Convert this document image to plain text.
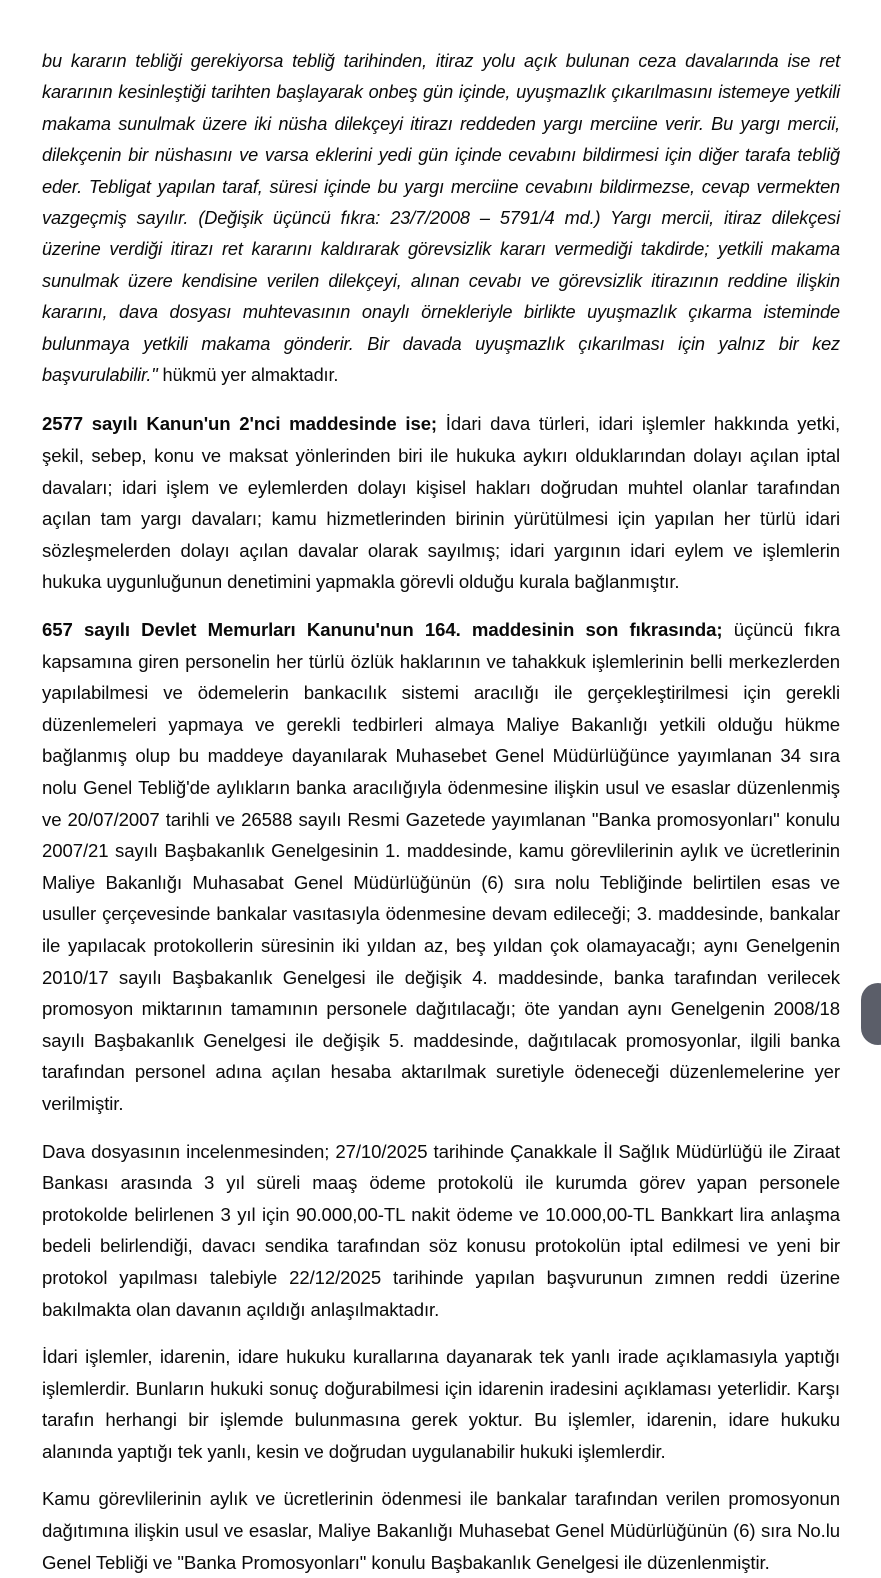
bu kararın tebliği gerekiyorsa tebliğ tarihinden, itiraz yolu açık bulunan ceza davalarında ise ret kararının kesinleştiği tarihten başlayarak onbeş gün içinde, uyuşmazlık çıkarılmasını istemeye yetkili makama sunulmak üzere iki nüsha dilekçeyi itirazı reddeden yargı merciine verir. Bu yargı mercii, dilekçenin bir nüshasını ve varsa eklerini yedi gün içinde cevabını bildirmesi için diğer tarafa tebliğ eder. Tebligat yapılan taraf, süresi içinde bu yargı merciine cevabını bildirmezse, cevap vermekten vazgeçmiş sayılır. (Değişik üçüncü fıkra: 23/7/2008 – 5791/4 md.) Yargı mercii, itiraz dilekçesi üzerine verdiği itirazı ret kararını kaldırarak görevsizlik kararı vermediği takdirde; yetkili makama sunulmak üzere kendisine verilen dilekçeyi, alınan cevabı ve görevsizlik itirazının reddine ilişkin kararını, dava dosyası muhtevasının onaylı örnekleriyle birlikte uyuşmazlık çıkarma isteminde bulunmaya yetkili makama gönderir. Bir davada uyuşmazlık çıkarılması için yalnız bir kez başvurulabilir." hükmü yer almaktadır.

2577 sayılı Kanun'un 2'nci maddesinde ise; İdari dava türleri, idari işlemler hakkında yetki, şekil, sebep, konu ve maksat yönlerinden biri ile hukuka aykırı olduklarından dolayı açılan iptal davaları; idari işlem ve eylemlerden dolayı kişisel hakları doğrudan muhtel olanlar tarafından açılan tam yargı davaları; kamu hizmetlerinden birinin yürütülmesi için yapılan her türlü idari sözleşmelerden dolayı açılan davalar olarak sayılmış; idari yargının idari eylem ve işlemlerin hukuka uygunluğunun denetimini yapmakla görevli olduğu kurala bağlanmıştır.

657 sayılı Devlet Memurları Kanunu'nun 164. maddesinin son fıkrasında; üçüncü fıkra kapsamına giren personelin her türlü özlük haklarının ve tahakkuk işlemlerinin belli merkezlerden yapılabilmesi ve ödemelerin bankacılık sistemi aracılığı ile gerçekleştirilmesi için gerekli düzenlemeleri yapmaya ve gerekli tedbirleri almaya Maliye Bakanlığı yetkili olduğu hükme bağlanmış olup bu maddeye dayanılarak Muhasebet Genel Müdürlüğünce yayımlanan 34 sıra nolu Genel Tebliğ'de aylıkların banka aracılığıyla ödenmesine ilişkin usul ve esaslar düzenlenmiş ve 20/07/2007 tarihli ve 26588 sayılı Resmi Gazetede yayımlanan "Banka promosyonları" konulu 2007/21 sayılı Başbakanlık Genelgesinin 1. maddesinde, kamu görevlilerinin aylık ve ücretlerinin Maliye Bakanlığı Muhasabat Genel Müdürlüğünün (6) sıra nolu Tebliğinde belirtilen esas ve usuller çerçevesinde bankalar vasıtasıyla ödenmesine devam edileceği; 3. maddesinde, bankalar ile yapılacak protokollerin süresinin iki yıldan az, beş yıldan çok olamayacağı; aynı Genelgenin 2010/17 sayılı Başbakanlık Genelgesi ile değişik 4. maddesinde, banka tarafından verilecek promosyon miktarının tamamının personele dağıtılacağı; öte yandan aynı Genelgenin 2008/18 sayılı Başbakanlık Genelgesi ile değişik 5. maddesinde, dağıtılacak promosyonlar, ilgili banka tarafından personel adına açılan hesaba aktarılmak suretiyle ödeneceği düzenlemelerine yer verilmiştir.

Dava dosyasının incelenmesinden; 27/10/2025 tarihinde Çanakkale İl Sağlık Müdürlüğü ile Ziraat Bankası arasında 3 yıl süreli maaş ödeme protokolü ile kurumda görev yapan personele protokolde belirlenen 3 yıl için 90.000,00-TL nakit ödeme ve 10.000,00-TL Bankkart lira anlaşma bedeli belirlendiği, davacı sendika tarafından söz konusu protokolün iptal edilmesi ve yeni bir protokol yapılması talebiyle 22/12/2025 tarihinde yapılan başvurunun zımnen reddi üzerine bakılmakta olan davanın açıldığı anlaşılmaktadır.

İdari işlemler, idarenin, idare hukuku kurallarına dayanarak tek yanlı irade açıklamasıyla yaptığı işlemlerdir. Bunların hukuki sonuç doğurabilmesi için idarenin iradesini açıklaması yeterlidir. Karşı tarafın herhangi bir işlemde bulunmasına gerek yoktur. Bu işlemler, idarenin, idare hukuku alanında yaptığı tek yanlı, kesin ve doğrudan uygulanabilir hukuki işlemlerdir.

Kamu görevlilerinin aylık ve ücretlerinin ödenmesi ile bankalar tarafından verilen promosyonun dağıtımına ilişkin usul ve esaslar, Maliye Bakanlığı Muhasebat Genel Müdürlüğünün (6) sıra No.lu Genel Tebliği ve "Banka Promosyonları" konulu Başbakanlık Genelgesi ile düzenlenmiştir.
